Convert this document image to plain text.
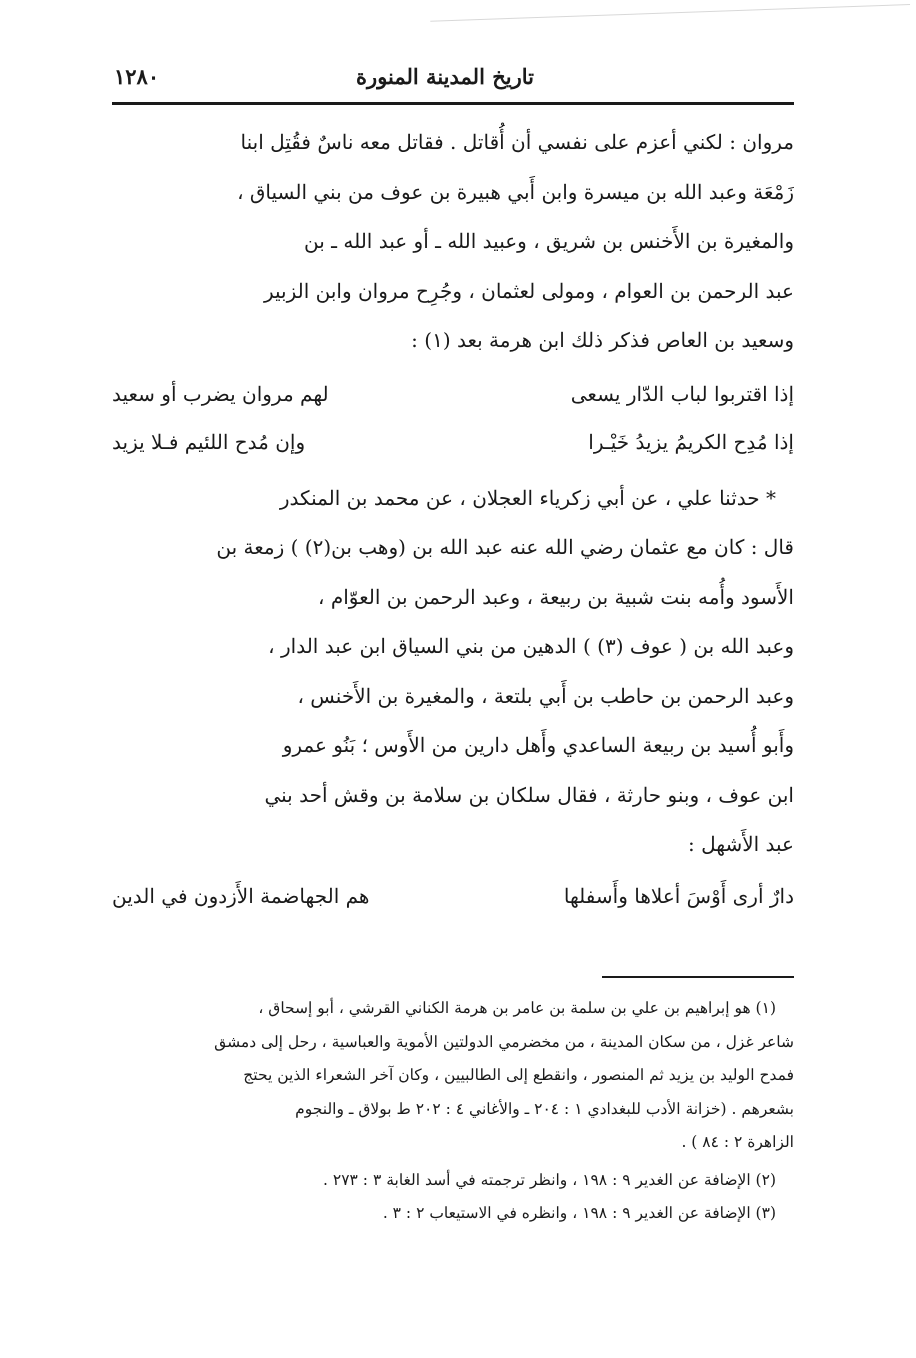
تاريخ المدينة المنورة
١٢٨٠

مروان : لكني أعزم على نفسي أن أُقاتل . فقاتل معه ناسٌ فقُتِل ابنا

زَمْعَة وعبد الله بن ميسرة وابن أَبي هبيرة بن عوف من بني السياق ،

والمغيرة بن الأَخنس بن شريق ، وعبيد الله ـ أو عبد الله ـ بن

عبد الرحمن بن العوام ، ومولى لعثمان ، وجُرِح مروان وابن الزبير

وسعيد بن العاص فذكر ذلك ابن هرمة بعد (١) :

إذا اقتربوا لباب الدّار يسعى
لهم مروان يضرب أو سعيد
إذا مُدِح الكريمُ يزيدُ خَيْـرا
وإن مُدح اللئيم فـلا يزيد

* حدثنا علي ، عن أبي زكرياء العجلان ، عن محمد بن المنكدر

قال : كان مع عثمان رضي الله عنه عبد الله بن (وهب بن(٢) ) زمعة بن

الأَسود وأُمه بنت شبية بن ربيعة ، وعبد الرحمن بن العوّام ،

وعبد الله بن ( عوف (٣) ) الدهين من بني السياق ابن عبد الدار ،

وعبد الرحمن بن حاطب بن أَبي بلتعة ، والمغيرة بن الأَخنس ،

وأَبو أُسيد بن ربيعة الساعدي وأَهل دارين من الأَوس ؛ بَنُو عمرو

ابن عوف ، وبنو حارثة ، فقال سلكان بن سلامة بن وقش أحد بني

عبد الأَشهل :

دارٌ أرى أَوْسَ أعلاها وأَسفلها
هم الجهاضمة الأَزدون في الدين

(١) هو إبراهيم بن علي بن سلمة بن عامر بن هرمة الكناني القرشي ، أبو إسحاق ،

شاعر غزل ، من سكان المدينة ، من مخضرمي الدولتين الأموية والعباسية ، رحل إلى دمشق

فمدح الوليد بن يزيد ثم المنصور ، وانقطع إلى الطالبيين ، وكان آخر الشعراء الذين يحتج

بشعرهم . (خزانة الأدب للبغدادي ١ : ٢٠٤ ـ والأغاني ٤ : ٢٠٢ ط بولاق ـ والنجوم

الزاهرة ٢ : ٨٤ ) .

(٢) الإضافة عن الغدير ٩ : ١٩٨ ، وانظر ترجمته في أسد الغابة ٣ : ٢٧٣ .

(٣) الإضافة عن الغدير ٩ : ١٩٨ ، وانظره في الاستيعاب ٢ : ٣ .
